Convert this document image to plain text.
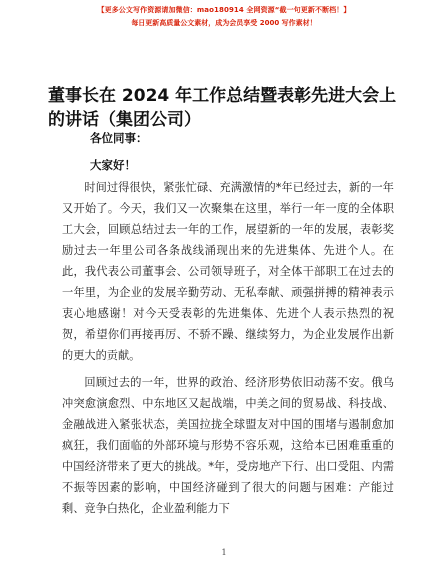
【更多公文写作资源请加微信：mao180914 全网资源“截一句更新不断档！】
每日更新高质量公文素材，成为会员享受 2000 写作素材！
董事长在 2024 年工作总结暨表彰先进大会上的讲话（集团公司）

各位同事：

大家好！

时间过得很快，紧张忙碌、充满激情的*年已经过去，新的一年又开始了。今天，我们又一次聚集在这里，举行一年一度的全体职工大会，回顾总结过去一年的工作，展望新的一年的发展，表彰奖励过去一年里公司各条战线涌现出来的先进集体、先进个人。在此，我代表公司董事会、公司领导班子，对全体干部职工在过去的一年里，为企业的发展辛勤劳动、无私奉献、顽强拼搏的精神表示衷心地感谢！对今天受表彰的先进集体、先进个人表示热烈的祝贺，希望你们再接再厉、不骄不躁、继续努力，为企业发展作出新的更大的贡献。

回顾过去的一年，世界的政治、经济形势依旧动荡不安。俄乌冲突愈演愈烈、中东地区又起战端，中美之间的贸易战、科技战、金融战进入紧张状态，美国拉拢全球盟友对中国的围堵与遏制愈加疯狂，我们面临的外部环境与形势不容乐观，这给本已困难重重的中国经济带来了更大的挑战。*年，受房地产下行、出口受阻、内需不振等因素的影响，中国经济碰到了很大的问题与困难：产能过剩、竞争白热化，企业盈利能力下

1
